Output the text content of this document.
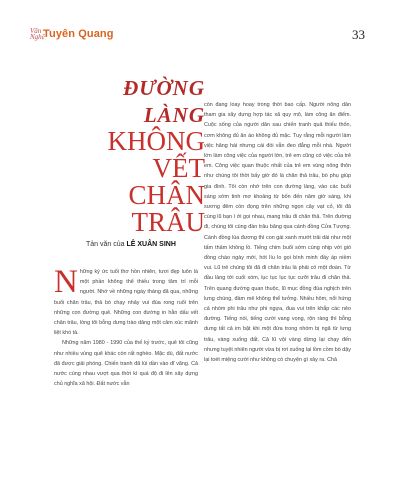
Văn Nghệ
Tuyên Quang	33
ĐƯỜNG
LÀNG
KHÔNG
VẾT
CHÂN
TRÂU
Tản văn của LÊ XUÂN SINH

Những ký ức tuổi thơ hồn nhiên, tươi đẹp luôn là một phần không thể thiếu trong tâm trí mỗi người. Nhớ về những ngày tháng đã qua, những buổi chăn trâu, thả bò chạy nhảy vui đùa rong ruổi trên những con đường quê. Những con đường in hằn dấu vết chân trâu, lòng tôi bỗng dưng trào dâng một cảm xúc mãnh liệt khó tả.

Những năm 1980 - 1990 của thế kỷ trước, quê tôi cũng như nhiều vùng quê khác còn rất nghèo. Mặc dù, đất nước đã được giải phóng. Chiến tranh đã lùi dần vào dĩ vãng. Cả nước cùng nhau vượt qua thời kì quá độ đi lên xây dựng chủ nghĩa xã hội. Đất nước vẫn

còn đang loay hoay trong thời bao cấp. Người nông dân tham gia xây dựng hợp tác xã quy mô, làm công ăn điểm. Cuộc sống của người dân sau chiến tranh quả thiếu thốn, cơm không đủ ăn áo không đủ mặc. Tuy rằng mỗi người làm việc hăng hái nhưng cái đói vẫn đeo đẳng mỗi nhà. Người lớn làm công việc của người lớn, trẻ em cũng có việc của trẻ em. Công việc quan thuộc nhất của trẻ em vùng nông thôn như chúng tôi thời bấy giờ đó là chăn thả trâu, bò phụ giúp gia đình. Tôi còn nhớ trên con đường làng, vào các buổi sáng sớm tinh mơ khoảng từ bốn đến năm giờ sáng, khi sương đêm còn đọng trên những ngọn cây vạt cỏ, tôi đã cùng lũ bạn í ới gọi nhau, mang trâu đi chăn thả. Trên đường đi, chúng tôi cùng đàn trâu băng qua cánh đồng Cửa Tượng. Cánh đồng lúa đương thì con gái xanh mướt trải dài như một tấm thảm không lồ. Tiếng chim buổi sớm cùng nhịp với gió đồng chào ngày mới, hót líu lo gọi bình minh đầy áp niềm vui. Lũ trẻ chúng tôi đã đi chăn trâu là phải có một đoàn. Từ đầu làng tới cuối xóm, lục tục lục tục cưỡi trâu đi chăn thả. Trên quang đường quan thuộc, lũ mục đồng đùa nghịch trên lưng chúng, đàm mê không thể tưởng. Nhiều hôm, nổi hứng cả nhóm phi trâu như phi ngựa, đua vui trên khắp các nẻo đường. Tiếng nói, tiếng cười vang vọng, rộn ràng thì bỗng dưng tất cả im bặt khi một đứa trong nhóm bị ngã từ lưng trâu, vàng xuống đất. Cả lũ vội vàng dừng lại chạy đến nhưng tuyệt nhiên người vừa bị rơi xuống lại lồm cồm bò dậy lại toét miệng cười như không có chuyện gì xảy ra. Chả
